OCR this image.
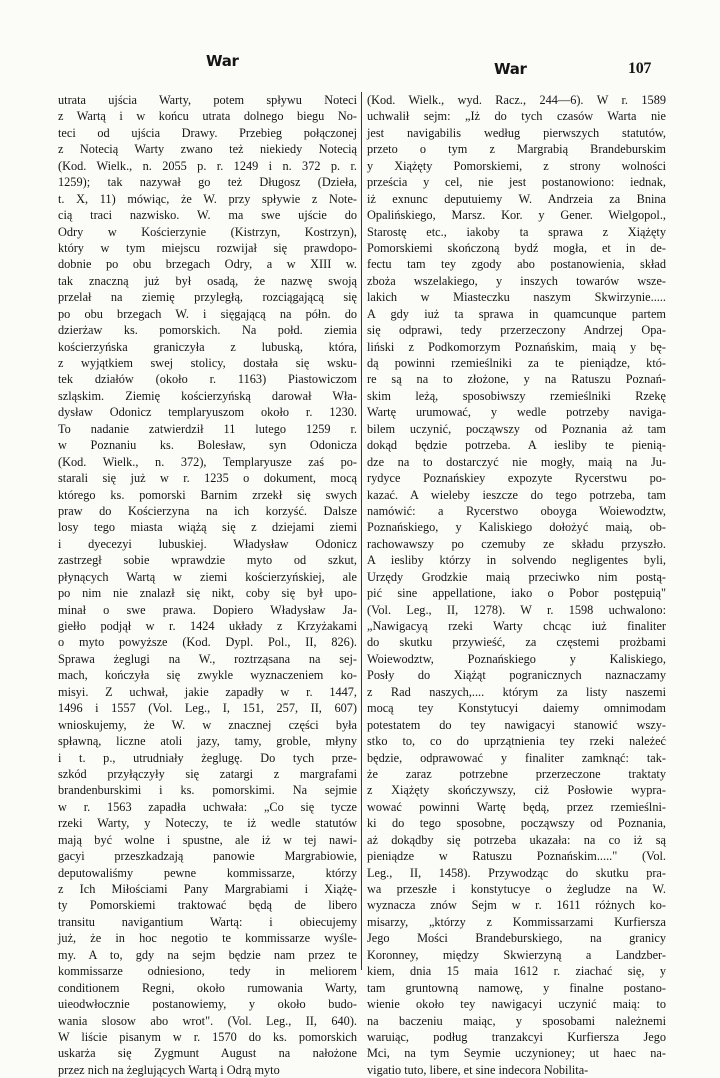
War	War	107
utrata ujścia Warty, potem spływu Noteci
z Wartą i w końcu utrata dolnego biegu No-
teci od ujścia Drawy. Przebieg połączonej
z Notecią Warty zwano też niekiedy Notecią
(Kod. Wielk., n. 2055 p. r. 1249 i n. 372 p. r.
1259); tak nazywał go też Długosz (Dzieła,
t. X, 11) mówiąc, że W. przy spływie z Note-
cią traci nazwisko. W. ma swe ujście do
Odry w Kościerzynie (Kistrzyn, Kostrzyn),
który w tym miejscu rozwijał się prawdopo-
dobnie po obu brzegach Odry, a w XIII w.
tak znaczną już był osadą, że nazwę swoją
przelał na ziemię przyległą, rozciągającą się
po obu brzegach W. i sięgającą na półn. do
dzierżaw ks. pomorskich. Na połd. ziemia
kościerzyńska graniczyła z lubuską, która,
z wyjątkiem swej stolicy, dostała się wsku-
tek działów (około r. 1163) Piastowiczom
szląskim. Ziemię kościerzyńską darował Wła-
dysław Odonicz templaryuszom około r. 1230.
To nadanie zatwierdził 11 lutego 1259 r.
w Poznaniu ks. Bolesław, syn Odonicza
(Kod. Wielk., n. 372), Templaryusze zaś po-
starali się już w r. 1235 o dokument, mocą
którego ks. pomorski Barnim zrzekł się swych
praw do Kościerzyna na ich korzyść. Dalsze
losy tego miasta wiążą się z dziejami ziemi
i dyecezyi lubuskiej. Władysław Odonicz
zastrzegł sobie wprawdzie myto od szkut,
płynących Wartą w ziemi kościerzyńskiej, ale
po nim nie znalazł się nikt, coby się był upo-
minał o swe prawa. Dopiero Władysław Ja-
giełło podjął w r. 1424 układy z Krzyżakami
o myto powyższe (Kod. Dypl. Pol., II, 826).
Sprawa żeglugi na W., roztrząsana na sej-
mach, kończyła się zwykle wyznaczeniem ko-
misyi. Z uchwał, jakie zapadły w r. 1447,
1496 i 1557 (Vol. Leg., I, 151, 257, II, 607)
wnioskujemy, że W. w znacznej części była
spławną, liczne atoli jazy, tamy, groble, młyny
i t. p., utrudniały żeglugę. Do tych prze-
szkód przyłączyły się zatargi z margrafami
brandenburskimi i ks. pomorskimi. Na sejmie
w r. 1563 zapadła uchwała: „Co się tycze
rzeki Warty, y Noteczy, te iż wedle statutów
mają być wolne i spustne, ale iż w tej nawi-
gacyi przeszkadzają panowie Margrabiowie,
deputowaliśmy pewne kommissarze, którzy
z Ich Miłościami Pany Margrabiami i Xiążę-
ty Pomorskiemi traktować będą de libero
transitu navigantium Wartą: i obiecujemy
już, że in hoc negotio te kommissarze wyśle-
my. A to, gdy na sejm będzie nam przez te
kommissarze odniesiono, tedy in meliorem
conditionem Regni, około rumowania Warty,
uieodwłocznie postanowiemy, y około budo-
wania slosow abo wrot". (Vol. Leg., II, 640).
W liście pisanym w r. 1570 do ks. pomorskich
uskarża się Zygmunt August na nałożone
przez nich na żeglujących Wartą i Odrą myto
(Kod. Wielk., wyd. Racz., 244—6). W r. 1589
uchwalił sejm: „Iż do tych czasów Warta nie
jest navigabilis według pierwszych statutów,
przeto o tym z Margrabią Brandeburskim
y Xiążęty Pomorskiemi, z strony wolności
prześcia y cel, nie jest postanowiono: iednak,
iż exnunc deputuiemy W. Andrzeia za Bnina
Opalińskiego, Marsz. Kor. y Gener. Wielgopol.,
Starostę etc., iakoby ta sprawa z Xiążęty
Pomorskiemi skończoną bydź mogła, et in de-
fectu tam tey zgody abo postanowienia, skład
zboża wszelakiego, y inszych towarów wsze-
lakich w Miasteczku naszym Skwirzynie.....
A gdy iuż ta sprawa in quamcunque partem
się odprawi, tedy przerzeczony Andrzej Opa-
liński z Podkomorzym Poznańskim, maią y bę-
dą powinni rzemieślniki za te pieniądze, któ-
re są na to złożone, y na Ratuszu Poznań-
skim leżą, sposobiwszy rzemieślniki Rzekę
Wartę urumować, y wedle potrzeby naviga-
bilem uczynić, począwszy od Poznania aż tam
dokąd będzie potrzeba. A iesliby te pienią-
dze na to dostarczyć nie mogły, maią na Ju-
rydyce Poznańskiey expozyte Rycerstwu po-
kazać. A wieleby ieszcze do tego potrzeba, tam
namówić: a Rycerstwo oboyga Woiewodztw,
Poznańskiego, y Kaliskiego dołożyć maią, ob-
rachowawszy po czemuby ze składu przyszło.
A iesliby którzy in solvendo negligentes byli,
Urzędy Grodzkie maią przeciwko nim postą-
pić sine appellatione, iako o Pobor postępuią"
(Vol. Leg., II, 1278). W r. 1598 uchwalono:
„Nawigacyą rzeki Warty chcąc iuż finaliter
do skutku przywieść, za częstemi prożbami
Woiewodztw, Poznańskiego y Kaliskiego,
Posły do Xiążąt pogranicznych naznaczamy
z Rad naszych,.... którym za listy naszemi
mocą tey Konstytucyi daiemy omnimodam
potestatem do tey nawigacyi stanowić wszy-
stko to, co do uprzątnienia tey rzeki należeć
będzie, odprawować y finaliter zamknąć: tak-
że zaraz potrzebne przerzeczone traktaty
z Xiążęty skończywszy, ciż Posłowie wypra-
wować powinni Wartę będą, przez rzemieślni-
ki do tego sposobne, począwszy od Poznania,
aż dokądby się potrzeba ukazała: na co iż są
pieniądze w Ratuszu Poznańskim....." (Vol.
Leg., II, 1458). Przywodząc do skutku pra-
wa przeszłe i konstytucye o żegludze na W.
wyznacza znów Sejm w r. 1611 różnych ko-
misarzy, „którzy z Kommissarzami Kurfiersza
Jego Mości Brandeburskiego, na granicy
Koronney, między Skwierzyną a Landzber-
kiem, dnia 15 maia 1612 r. ziachać się, y
tam gruntowną namowę, y finalne postano-
wienie około tey nawigacyi uczynić maią: to
na baczeniu maiąc, y sposobami należnemi
waruiąc, podług tranzakcyi Kurfiersza Jego
Mci, na tym Seymie uczynioney; ut haec na-
vigatio tuto, libere, et sine indecora Nobilita-
